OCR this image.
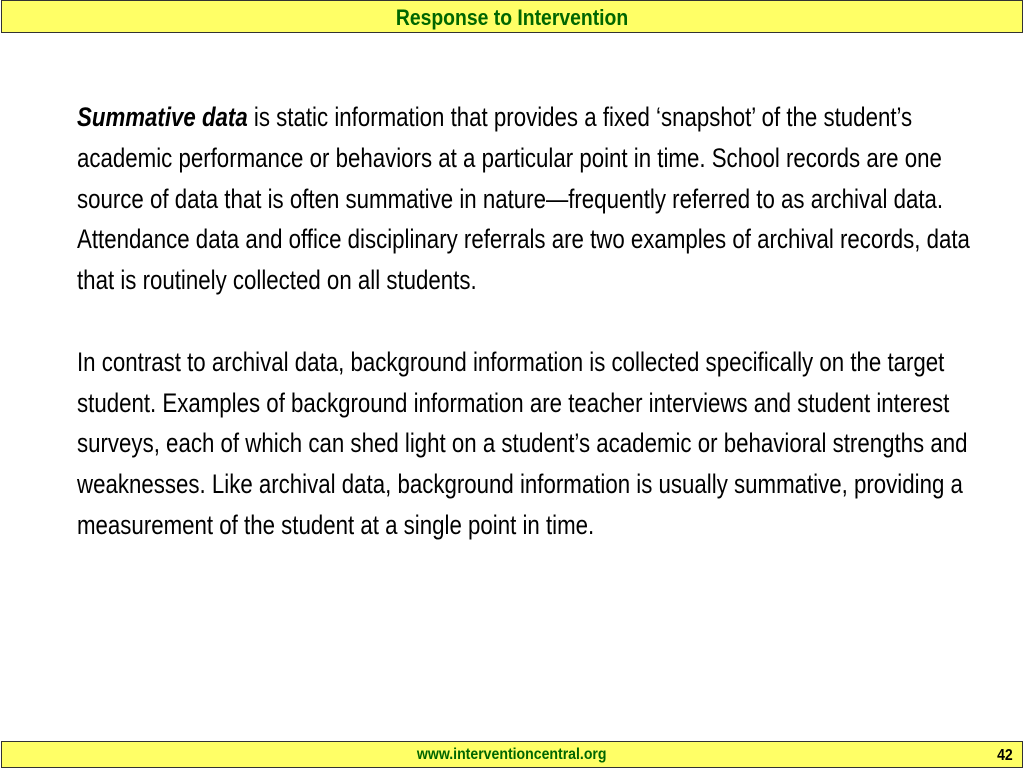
Response to Intervention

Summative data is static information that provides a fixed ‘snapshot’ of the student’s academic performance or behaviors at a particular point in time. School records are one source of data that is often summative in nature—frequently referred to as archival data. Attendance data and office disciplinary referrals are two examples of archival records, data that is routinely collected on all students.

In contrast to archival data, background information is collected specifically on the target student. Examples of background information are teacher interviews and student interest surveys, each of which can shed light on a student’s academic or behavioral strengths and weaknesses. Like archival data, background information is usually summative, providing a measurement of the student at a single point in time.

www.interventioncentral.org	42
